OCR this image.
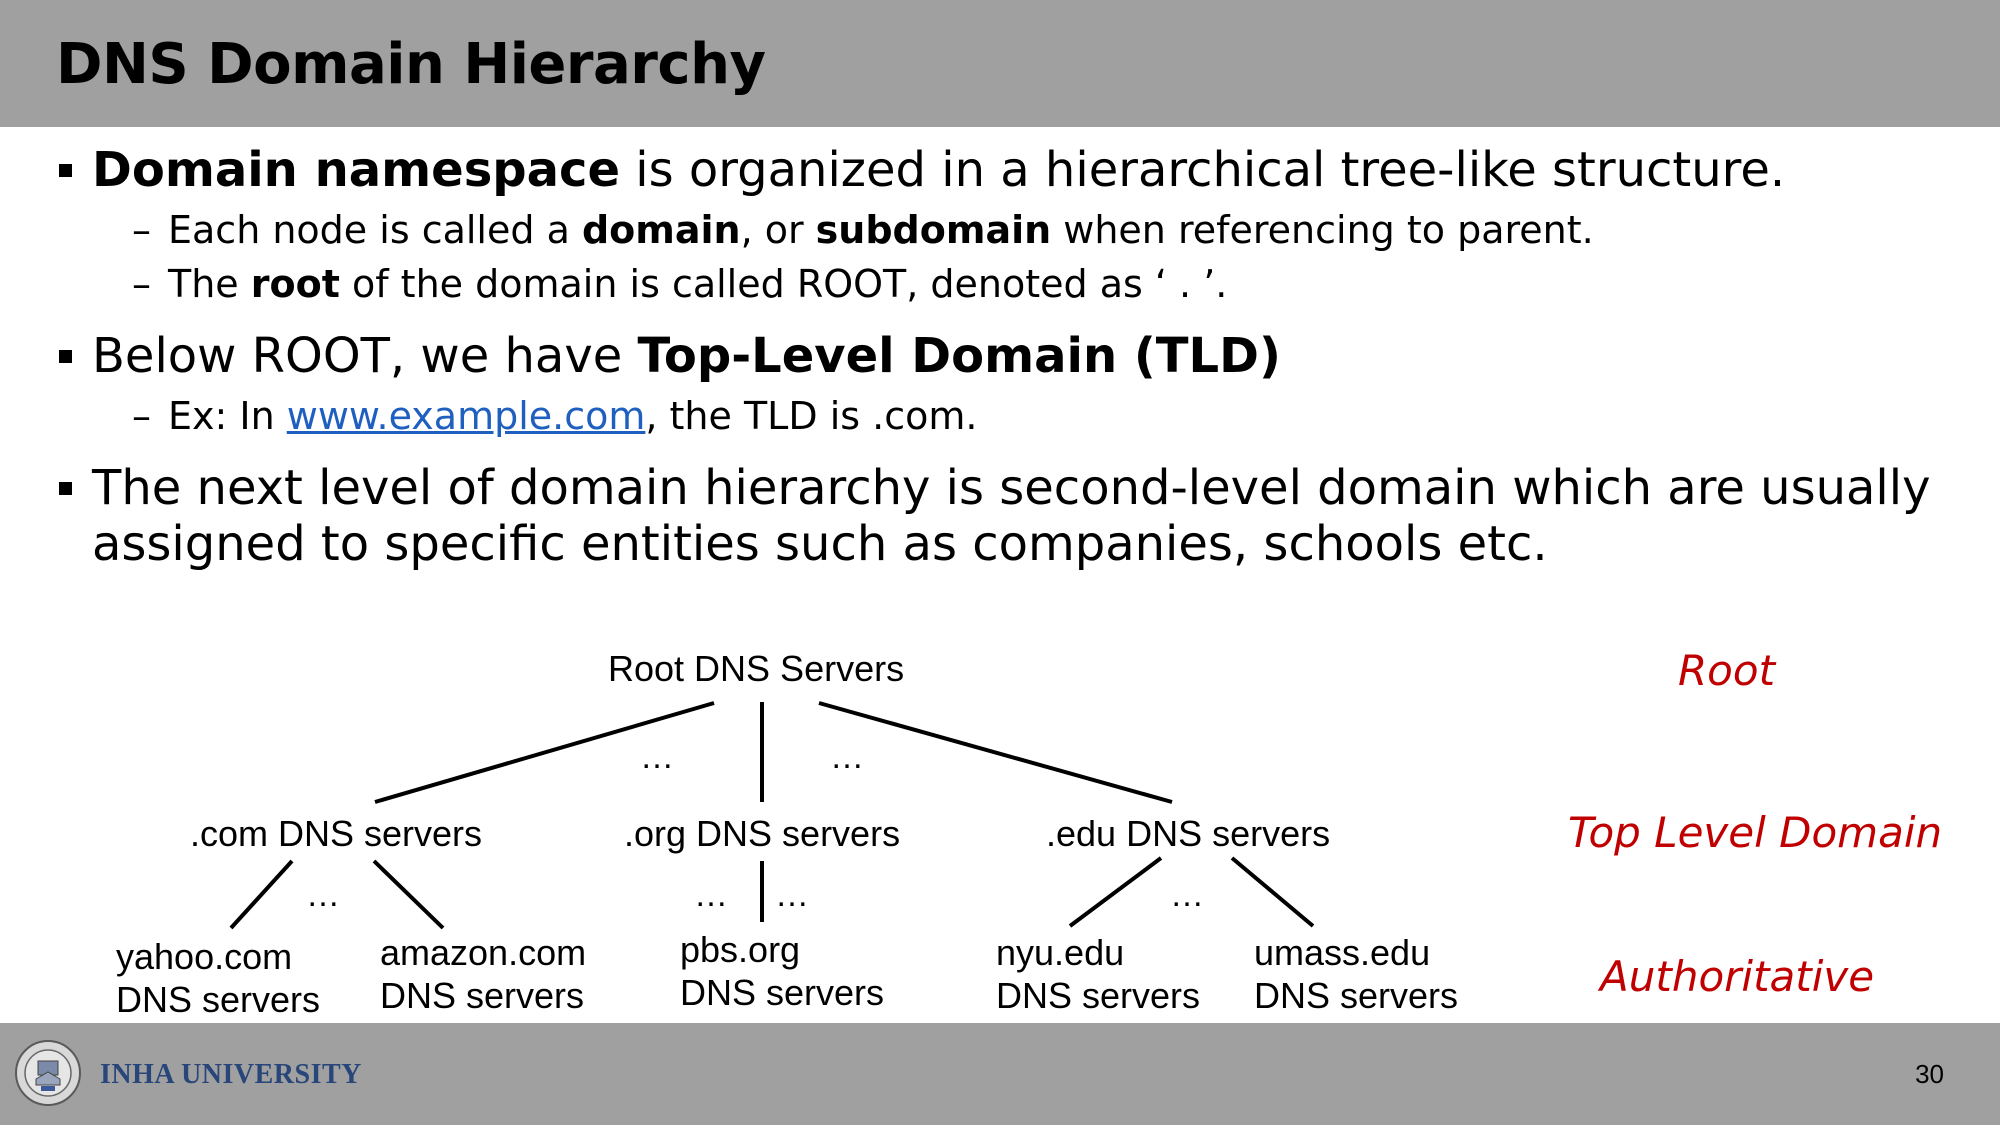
DNS Domain Hierarchy
Domain namespace is organized in a hierarchical tree-like structure.
– Each node is called a domain, or subdomain when referencing to parent.
– The root of the domain is called ROOT, denoted as ‘ . ’.
Below ROOT, we have Top-Level Domain (TLD)
– Ex: In www.example.com, the TLD is .com.
The next level of domain hierarchy is second-level domain which are usually
assigned to specific entities such as companies, schools etc.
Root DNS Servers
…	…
.com DNS servers	.org DNS servers	.edu DNS servers
…	… …	…
yahoo.com
DNS servers
amazon.com
DNS servers
pbs.org
DNS servers
nyu.edu
DNS servers
umass.edu
DNS servers
Root
Top Level Domain
Authoritative
INHA UNIVERSITY	30
